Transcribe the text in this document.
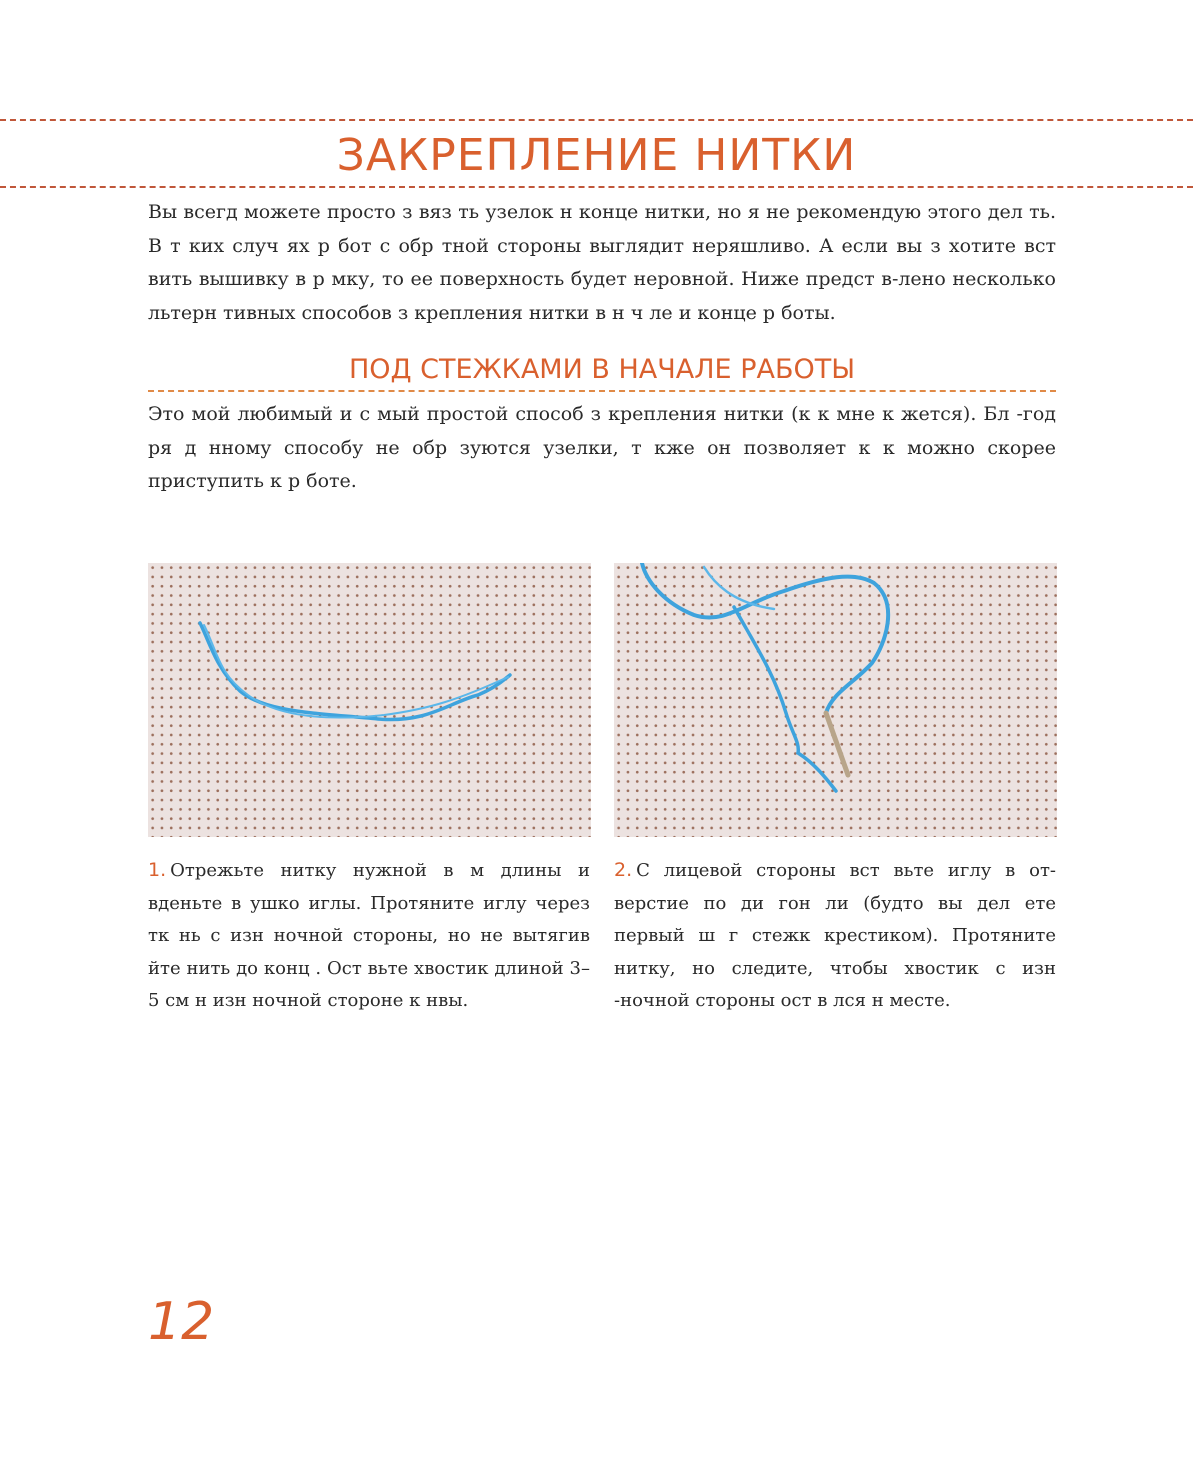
ЗАКРЕПЛЕНИЕ НИТКИ

Вы всегд можете просто з вяз ть узелок н конце нитки, но я не рекомендую этого дел ть. В т ких случ ях р бот с обр тной стороны выглядит неряшливо. А если вы з хотите вст вить вышивку в р мку, то ее поверхность будет неровной. Ниже предст в-лено несколько льтерн тивных способов з крепления нитки в н ч ле и конце р боты.

ПОД СТЕЖКАМИ В НАЧАЛЕ РАБОТЫ

Это мой любимый и с мый простой способ з крепления нитки (к к мне к жется). Бл -год ря д нному способу не обр зуются узелки, т кже он позволяет к к можно скорее приступить к р боте.

1. Отрежьте нитку нужной в м длины и вденьте в ушко иглы. Протяните иглу через тк нь с изн ночной стороны, но не вытягив йте нить до конц . Ост вьте хвостик длиной 3–5 см н изн ночной стороне к нвы.

2. С лицевой стороны вст вьте иглу в от-верстие по ди гон ли (будто вы дел ете первый ш г стежк крестиком). Протяните нитку, но следите, чтобы хвостик с изн -ночной стороны ост в лся н месте.

12
